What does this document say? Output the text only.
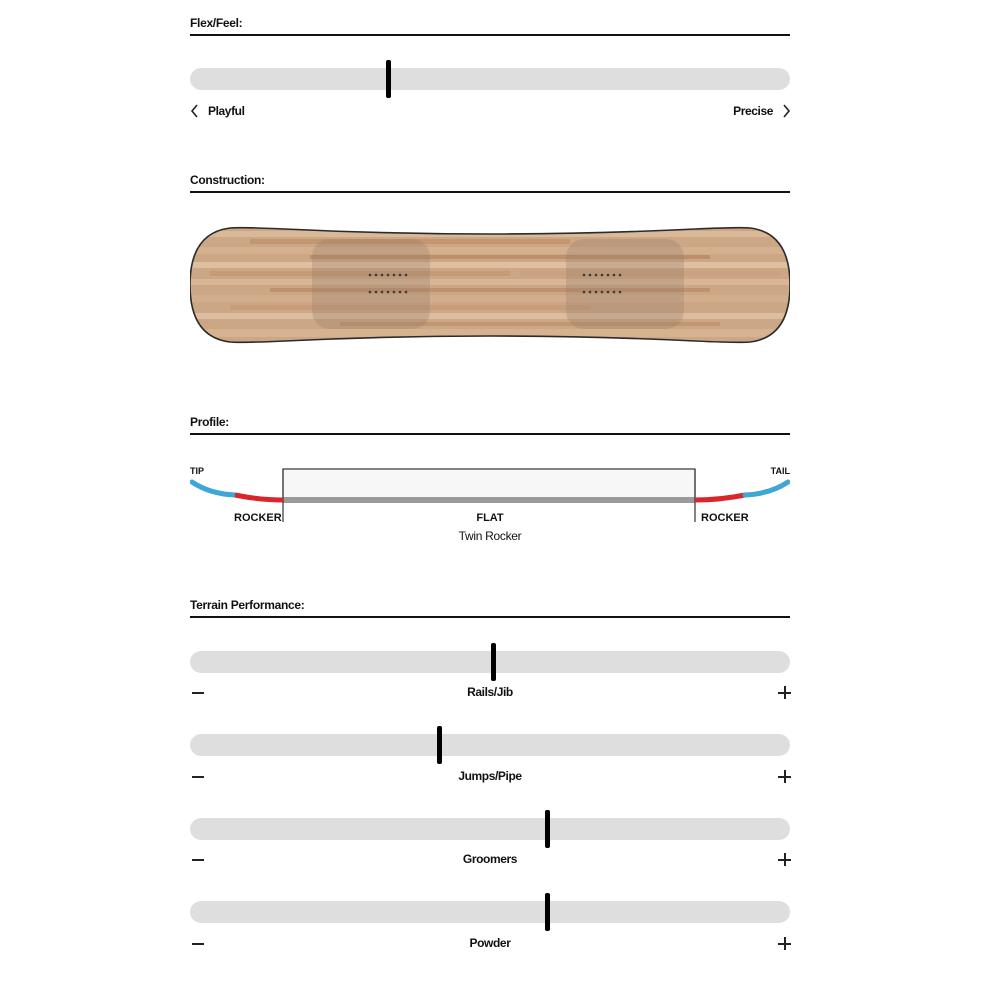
Flex/Feel:
Playful	Precise
Construction:
Profile:
TIP	TAIL
ROCKER	FLAT	ROCKER
Twin Rocker
Terrain Performance:
Rails/Jib
Jumps/Pipe
Groomers
Powder
